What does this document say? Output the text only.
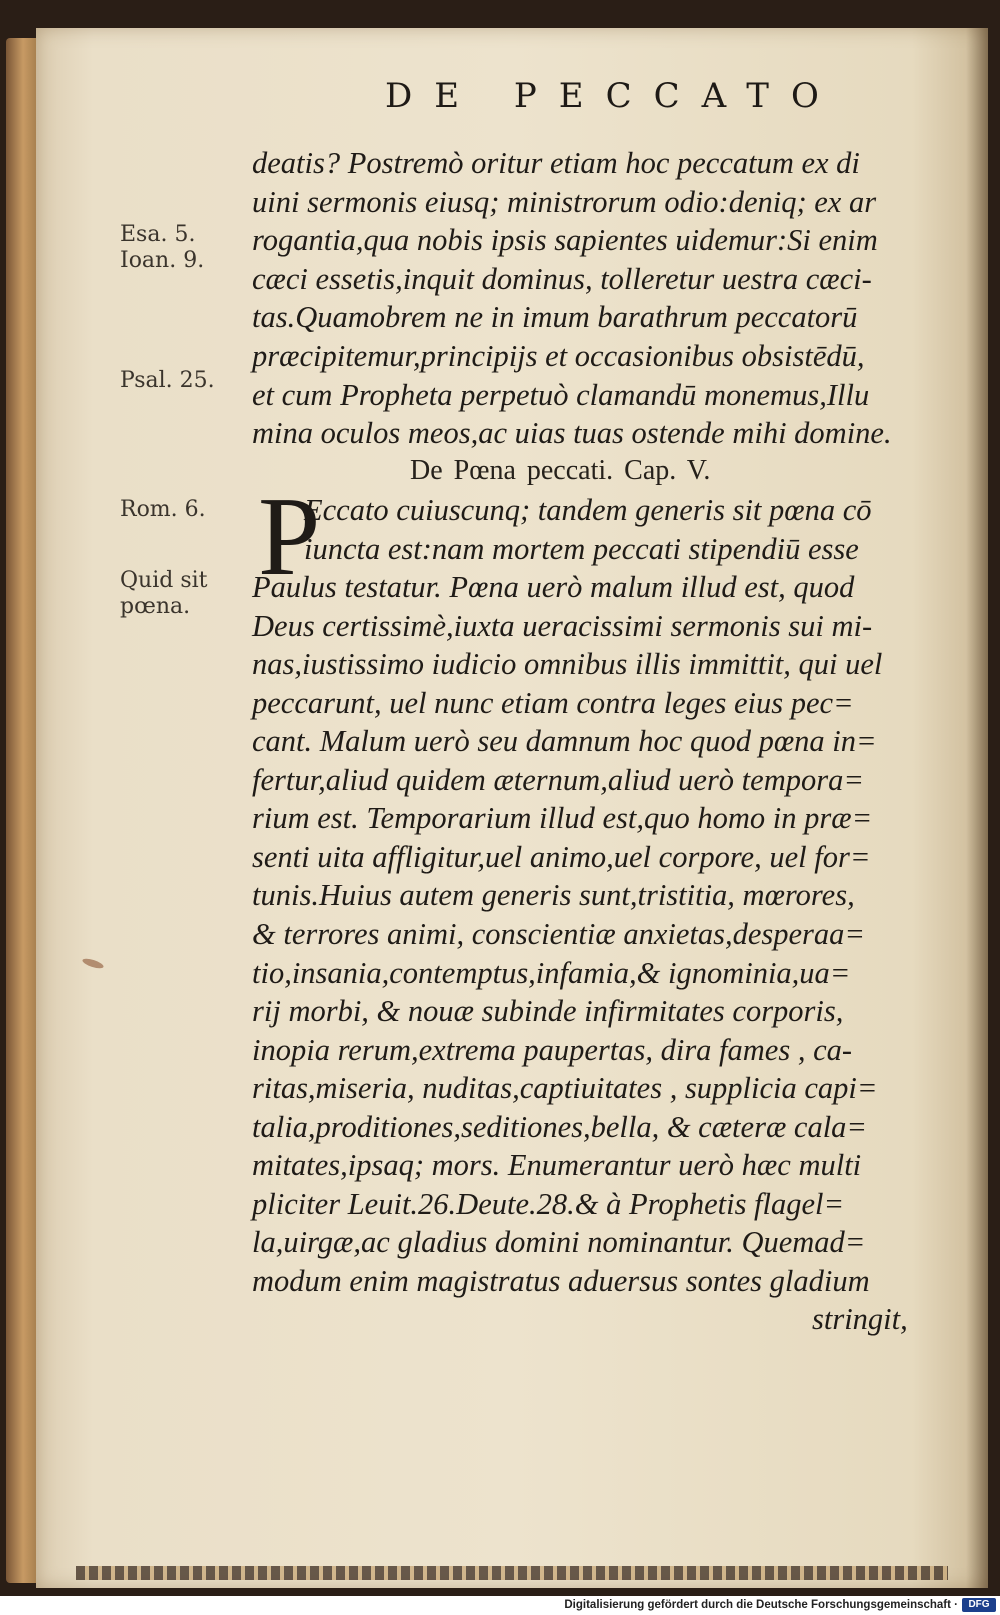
DE PECCATO
Esa. 5.
Ioan. 9.
Psal. 25.
Rom. 6.
Quid sit
pœna.
deatis? Postremò oritur etiam hoc peccatum ex di
uini sermonis eiusq; ministrorum odio:deniq; ex ar
rogantia,qua nobis ipsis sapientes uidemur:Si enim
cæci essetis,inquit dominus, tolleretur uestra cæci-
tas.Quamobrem ne in imum barathrum peccatorū
præcipitemur,principijs et occasionibus obsistēdū,
et cum Propheta perpetuò clamandū monemus,Illu
mina oculos meos,ac uias tuas ostende mihi domine.
De Pœna peccati. Cap. V.
P
Eccato cuiuscunq; tandem generis sit pœna cō
iuncta est:nam mortem peccati stipendiū esse
Paulus testatur. Pœna uerò malum illud est, quod
Deus certissimè,iuxta ueracissimi sermonis sui mi-
nas,iustissimo iudicio omnibus illis immittit, qui uel
peccarunt, uel nunc etiam contra leges eius pec=
cant. Malum uerò seu damnum hoc quod pœna in=
fertur,aliud quidem æternum,aliud uerò tempora=
rium est. Temporarium illud est,quo homo in præ=
senti uita affligitur,uel animo,uel corpore, uel for=
tunis.Huius autem generis sunt,tristitia, mœrores,
& terrores animi, conscientiæ anxietas,desperaa=
tio,insania,contemptus,infamia,& ignominia,ua=
rij morbi, & nouæ subinde infirmitates corporis,
inopia rerum,extrema paupertas, dira fames , ca-
ritas,miseria, nuditas,captiuitates , supplicia capi=
talia,proditiones,seditiones,bella, & cæteræ cala=
mitates,ipsaq; mors. Enumerantur uerò hæc multi
pliciter Leuit.26.Deute.28.& à Prophetis flagel=
la,uirgæ,ac gladius domini nominantur. Quemad=
modum enim magistratus aduersus sontes gladium
stringit,
Digitalisierung gefördert durch die Deutsche Forschungsgemeinschaft ·	DFG
